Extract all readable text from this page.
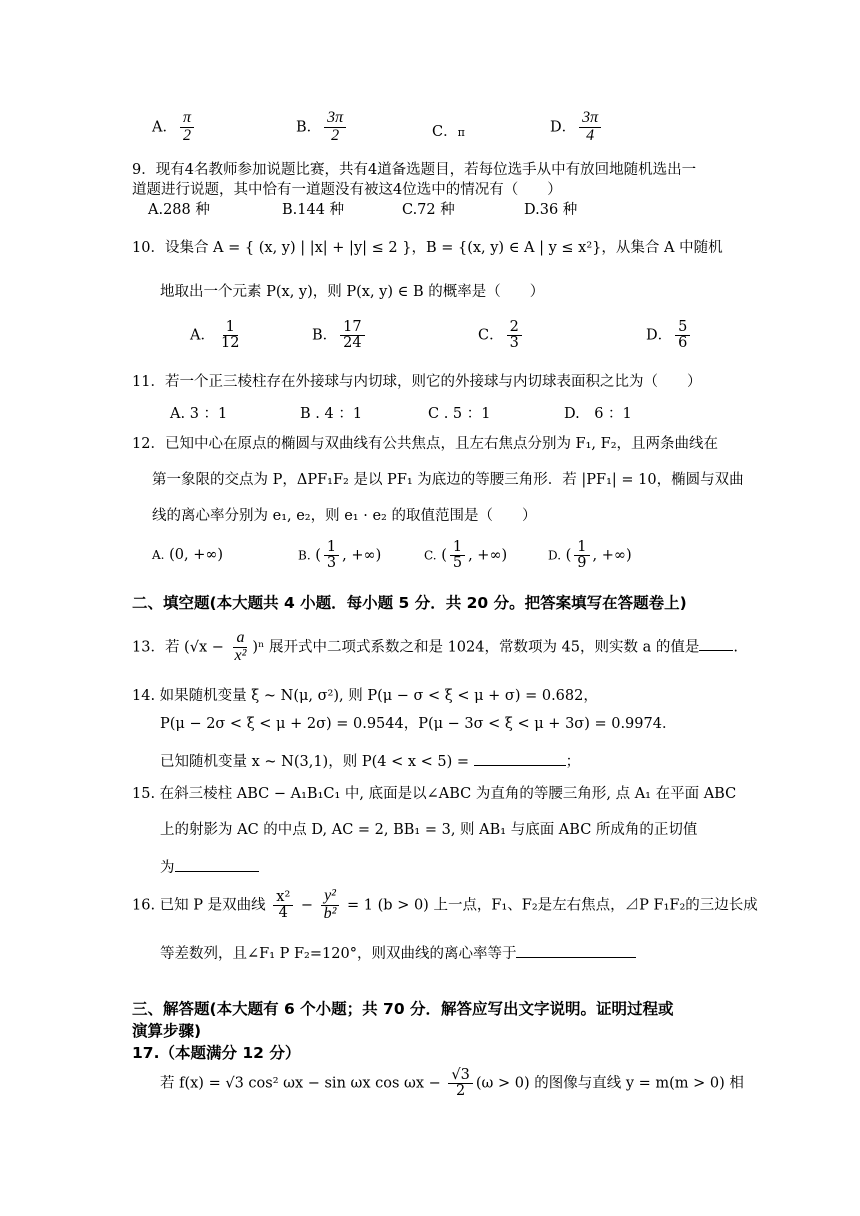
A． $\frac{\pi}{2}$	B． $\frac{3\pi}{2}$	C．π	D． $\frac{3\pi}{4}$
9．现有4名教师参加说题比赛，共有4道备选题目，若每位选手从中有放回地随机选出一
道题进行说题，其中恰有一道题没有被这4位选中的情况有（　　）
A.288 种	B.144 种	C.72 种	D.36 种
10．设集合 A = { (x, y) | |x| + |y| ≤ 2 }，B = {(x, y) ∈ A | y ≤ x²}，从集合 A 中随机
地取出一个元素 P(x, y)，则 P(x, y) ∈ B 的概率是（　　）
A． $\frac{1}{12}$	B． $\frac{17}{24}$	C． $\frac{2}{3}$	D． $\frac{5}{6}$
11．若一个正三棱柱存在外接球与内切球，则它的外接球与内切球表面积之比为（　　）
A. 3 ：1	B . 4 ：1	C . 5 ：1	D.　6 ：1
12．已知中心在原点的椭圆与双曲线有公共焦点，且左右焦点分别为 F₁, F₂，且两条曲线在
第一象限的交点为 P，ΔPF₁F₂ 是以 PF₁ 为底边的等腰三角形．若 |PF₁| = 10，椭圆与双曲
线的离心率分别为 e₁, e₂，则 e₁ · e₂ 的取值范围是（　　）
A. (0, +∞)	B. ( $\frac{1}{3}$ , +∞)	C. ( $\frac{1}{5}$ , +∞)	D. ( $\frac{1}{9}$ , +∞)
二、填空题(本大题共 4 小题．每小题 5 分．共 20 分。把答案填写在答题卷上)
13．若 $(√x - \frac{a}{\text{x²}} )^n$ 展开式中二项式系数之和是 1024，常数项为 45，则实数 a 的值是 .
14. 如果随机变量 ξ ~ N(μ, σ²), 则 P(μ − σ < ξ < μ + σ) = 0.682，
P(μ − 2σ < ξ < μ + 2σ) = 0.9544，P(μ − 3σ < ξ < μ + 3σ) = 0.9974．
已知随机变量 x ~ N(3,1)，则 P(4 < x < 5) =	；
15. 在斜三棱柱 ABC − A₁B₁C₁ 中, 底面是以∠ABC 为直角的等腰三角形, 点 A₁ 在平面 ABC
上的射影为 AC 的中点 D, AC = 2, BB₁ = 3, 则 AB₁ 与底面 ABC 所成角的正切值
为
16. 已知 P 是双曲线 $\frac{\text{x²}}{4} - \frac{\text{y²}}{\text{b²}} = 1$ (b > 0) 上一点，F₁、F₂是左右焦点，⊿P F₁F₂的三边长成
等差数列，且∠F₁ P F₂=120°，则双曲线的离心率等于
三、解答题(本大题有 6 个小题；共 70 分．解答应写出文字说明。证明过程或
演算步骤)
17.（本题满分 12 分）
若 f(x) = √3 cos² ωx − sin ωx $\cos \omega x - \frac{√3}{2} (\omega > 0)$ 的图像与直线 y = m(m > 0) 相
